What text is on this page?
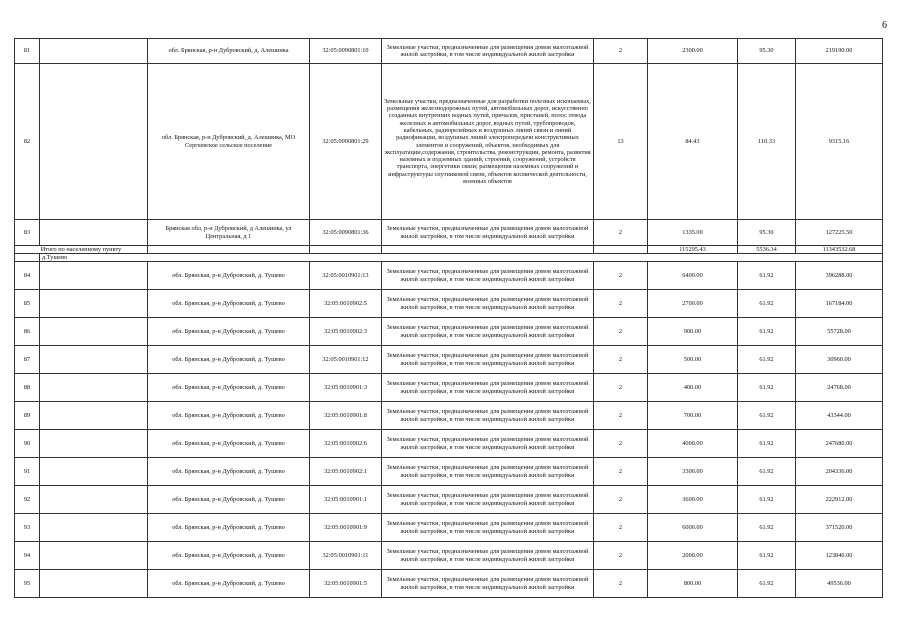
6
81		обл. Брянская, р-н Дубровский, д. Алешинка	32:05:0090801:10	Земельные участки, предназначенные для размещения домов малоэтажной жилой застройки, в том числе индивидуальной жилой застройки	2	2300.00	95.30	219190.00
82		обл. Брянская, р-н Дубровский, д. Алешинка, МО Сергеевское сельское поселение	32:05:0090801:29	Земельные участки, предназначенные для разработки полезных ископаемых, размещения железнодорожных путей, автомобильных дорог, искусственно созданных внутренних водных путей, причалов, пристаней, полос отвода железных и автомобильных дорог, водных путей, трубопроводов, кабельных, радиорелейных и воздушных линий связи и линий радиофикации, воздушных линий электропередачи конструктивных элементов и сооружений, объектов, необходимых для эксплуатации,содержания, строительства, реконструкции, ремонта, развития наземных и подземных зданий, строений, сооружений, устройств транспорта, энергетики связи; размещения наземных сооружений и инфраструктуры спутниковой связи, объектов космической деятельности, военных объектов	13	84.43	110.33	9315.16
83		Брянская обл, р-н Дубровский, д Алешинка, ул Центральная, д 1	32:05:0090801:36	Земельные участки, предназначенные для размещения домов малоэтажной жилой застройки, в том числе индивидуальной жилой застройки	2	1335.00	95.30	127225.50
Итого по населенному пункту						115295.43	5536.34	11343532.68
	д.Тушево							
84		обл. Брянская, р-н Дубровский, д. Тушево	32:05:0010901:13	Земельные участки, предназначенные для размещения домов малоэтажной жилой застройки, в том числе индивидуальной жилой застройки	2	6400.00	61.92	396288.00
85		обл. Брянская, р-н Дубровский, д. Тушево	32:05:0010902:5	Земельные участки, предназначенные для размещения домов малоэтажной жилой застройки, в том числе индивидуальной жилой застройки	2	2700.00	61.92	167184.00
86		обл. Брянская, р-н Дубровский, д. Тушево	32:05:0010902:3	Земельные участки, предназначенные для размещения домов малоэтажной жилой застройки, в том числе индивидуальной жилой застройки	2	900.00	61.92	55728.00
87		обл. Брянская, р-н Дубровский, д. Тушево	32:05:0010901:12	Земельные участки, предназначенные для размещения домов малоэтажной жилой застройки, в том числе индивидуальной жилой застройки	2	500.00	61.92	30960.00
88		обл. Брянская, р-н Дубровский, д. Тушево	32:05:0010901:3	Земельные участки, предназначенные для размещения домов малоэтажной жилой застройки, в том числе индивидуальной жилой застройки	2	400.00	61.92	24768.00
89		обл. Брянская, р-н Дубровский, д. Тушево	32:05:0010901:8	Земельные участки, предназначенные для размещения домов малоэтажной жилой застройки, в том числе индивидуальной жилой застройки	2	700.00	61.92	43344.00
90		обл. Брянская, р-н Дубровский, д. Тушево	32:05:0010902:6	Земельные участки, предназначенные для размещения домов малоэтажной жилой застройки, в том числе индивидуальной жилой застройки	2	4000.00	61.92	247680.00
91		обл. Брянская, р-н Дубровский, д. Тушево	32:05:0010902:1	Земельные участки, предназначенные для размещения домов малоэтажной жилой застройки, в том числе индивидуальной жилой застройки	2	3300.00	61.92	204336.00
92		обл. Брянская, р-н Дубровский, д. Тушево	32:05:0010901:1	Земельные участки, предназначенные для размещения домов малоэтажной жилой застройки, в том числе индивидуальной жилой застройки	2	3600.00	61.92	222912.00
93		обл. Брянская, р-н Дубровский, д. Тушево	32:05:0010901:9	Земельные участки, предназначенные для размещения домов малоэтажной жилой застройки, в том числе индивидуальной жилой застройки	2	6000.00	61.92	371520.00
94		обл. Брянская, р-н Дубровский, д. Тушево	32:05:0010901:11	Земельные участки, предназначенные для размещения домов малоэтажной жилой застройки, в том числе индивидуальной жилой застройки	2	2000.00	61.92	123840.00
95		обл. Брянская, р-н Дубровский, д. Тушево	32:05:0010901:5	Земельные участки, предназначенные для размещения домов малоэтажной жилой застройки, в том числе индивидуальной жилой застройки	2	800.00	61.92	49536.00
